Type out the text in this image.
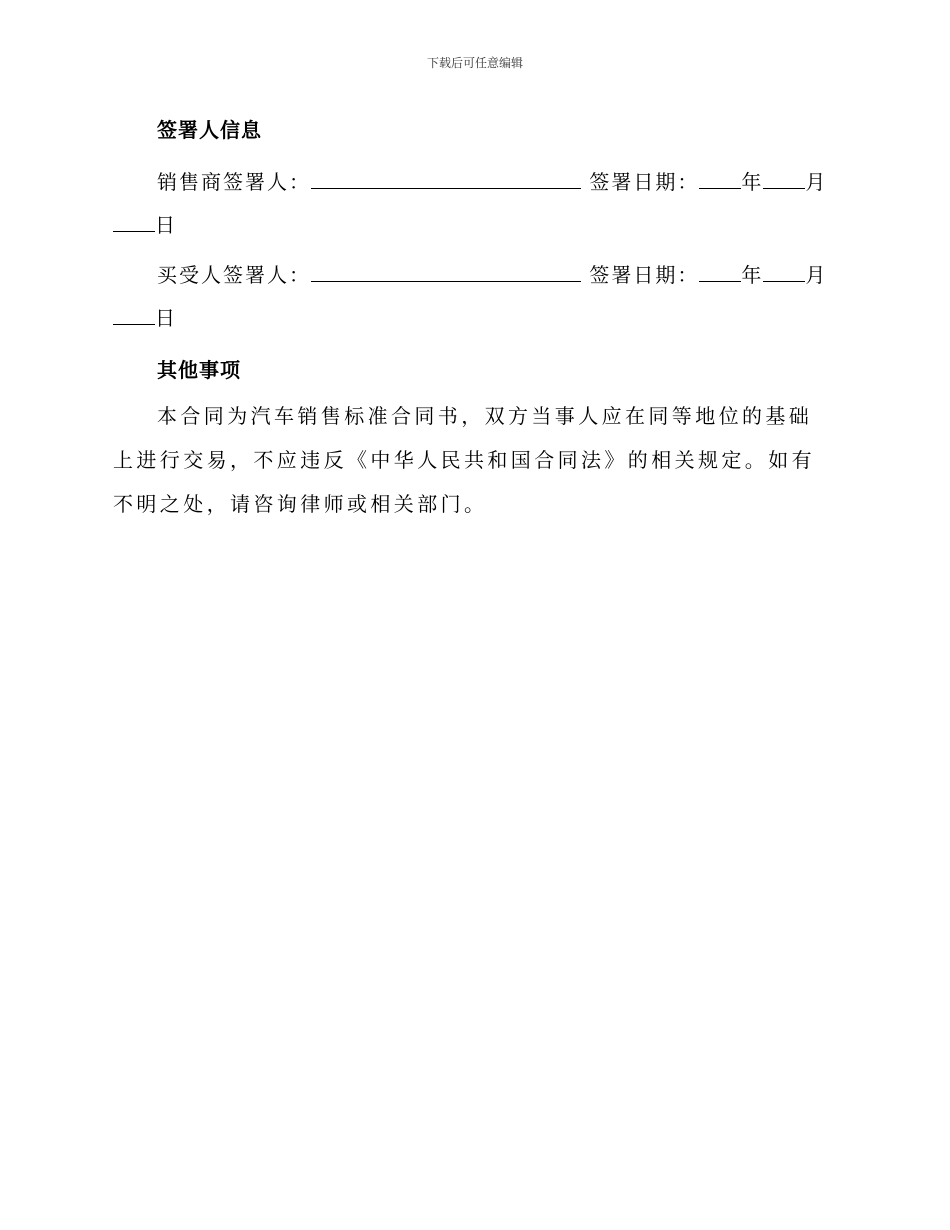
下载后可任意编辑
签署人信息
销售商签署人：	签署日期： 年 月
日
买受人签署人：	签署日期： 年 月
日
其他事项

本合同为汽车销售标准合同书，双方当事人应在同等地位的基础上进行交易，不应违反《中华人民共和国合同法》的相关规定。如有不明之处，请咨询律师或相关部门。
